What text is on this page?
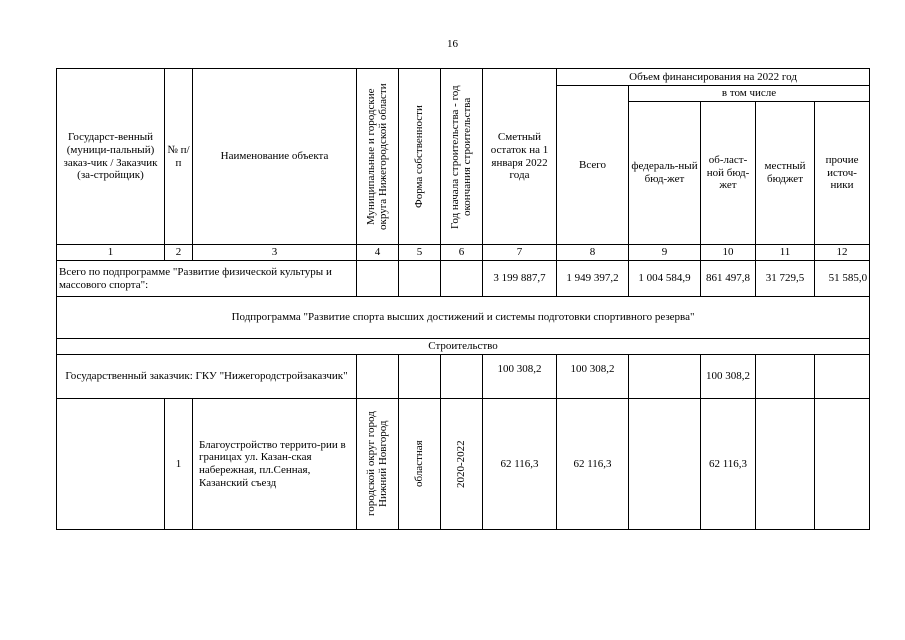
16
Государст-венный (муници-пальный) заказ-чик / Заказчик (за-стройщик)	№ п/п	Наименование объекта	Муниципальные и городские округа Нижегородской области	Форма собственности	Год начала строительства - год окончания строительства	Сметный остаток на 1 января 2022 года	Объем финансирования на 2022 год				
							Всего	в том числе			
								федераль-ный бюд-жет	об-ласт-ной бюд-жет	местный бюджет	прочие источ-ники
1	2	3	4	5	6	7	8	9	10	11	12
Всего по подпрограмме "Развитие физической культуры и массового спорта":						3 199 887,7	1 949 397,2	1 004 584,9	861 497,8	31 729,5	51 585,0
Подпрограмма "Развитие спорта высших достижений и системы подготовки спортивного резерва"											
Строительство											
Государственный заказчик: ГКУ "Нижегородстройзаказчик"						100 308,2	100 308,2		100 308,2		
	1	Благоустройство террито-рии в границах ул. Казан-ская набережная, пл.Сенная, Казанский съезд	городской округ город Нижний Новгород	областная	2020-2022	62 116,3	62 116,3		62 116,3		
